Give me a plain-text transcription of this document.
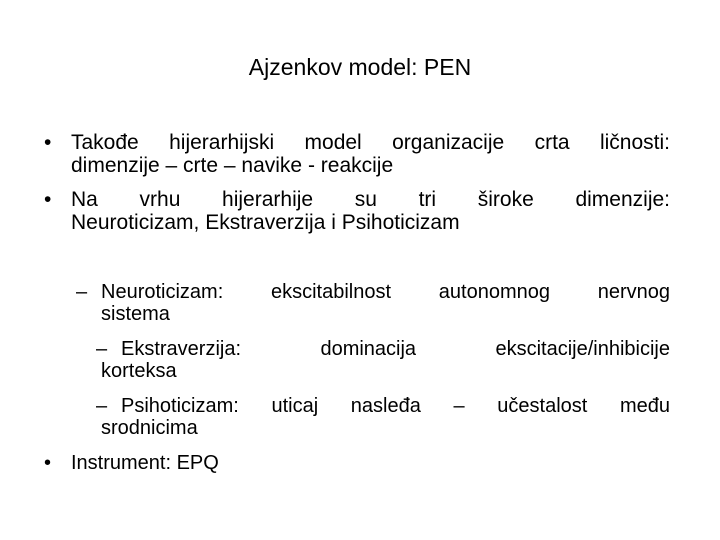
Ajzenkov model: PEN
• Takođe hijerarhijski model organizacije crta ličnosti:
dimenzije – crte – navike - reakcije
• Na vrhu hijerarhije su tri široke dimenzije:
Neuroticizam, Ekstraverzija i Psihoticizam
– Neuroticizam: ekscitabilnost autonomnog nervnog
sistema
– Ekstraverzija: dominacija ekscitacije/inhibicije
korteksa
– Psihoticizam: uticaj nasleđa – učestalost među
srodnicima
• Instrument: EPQ
